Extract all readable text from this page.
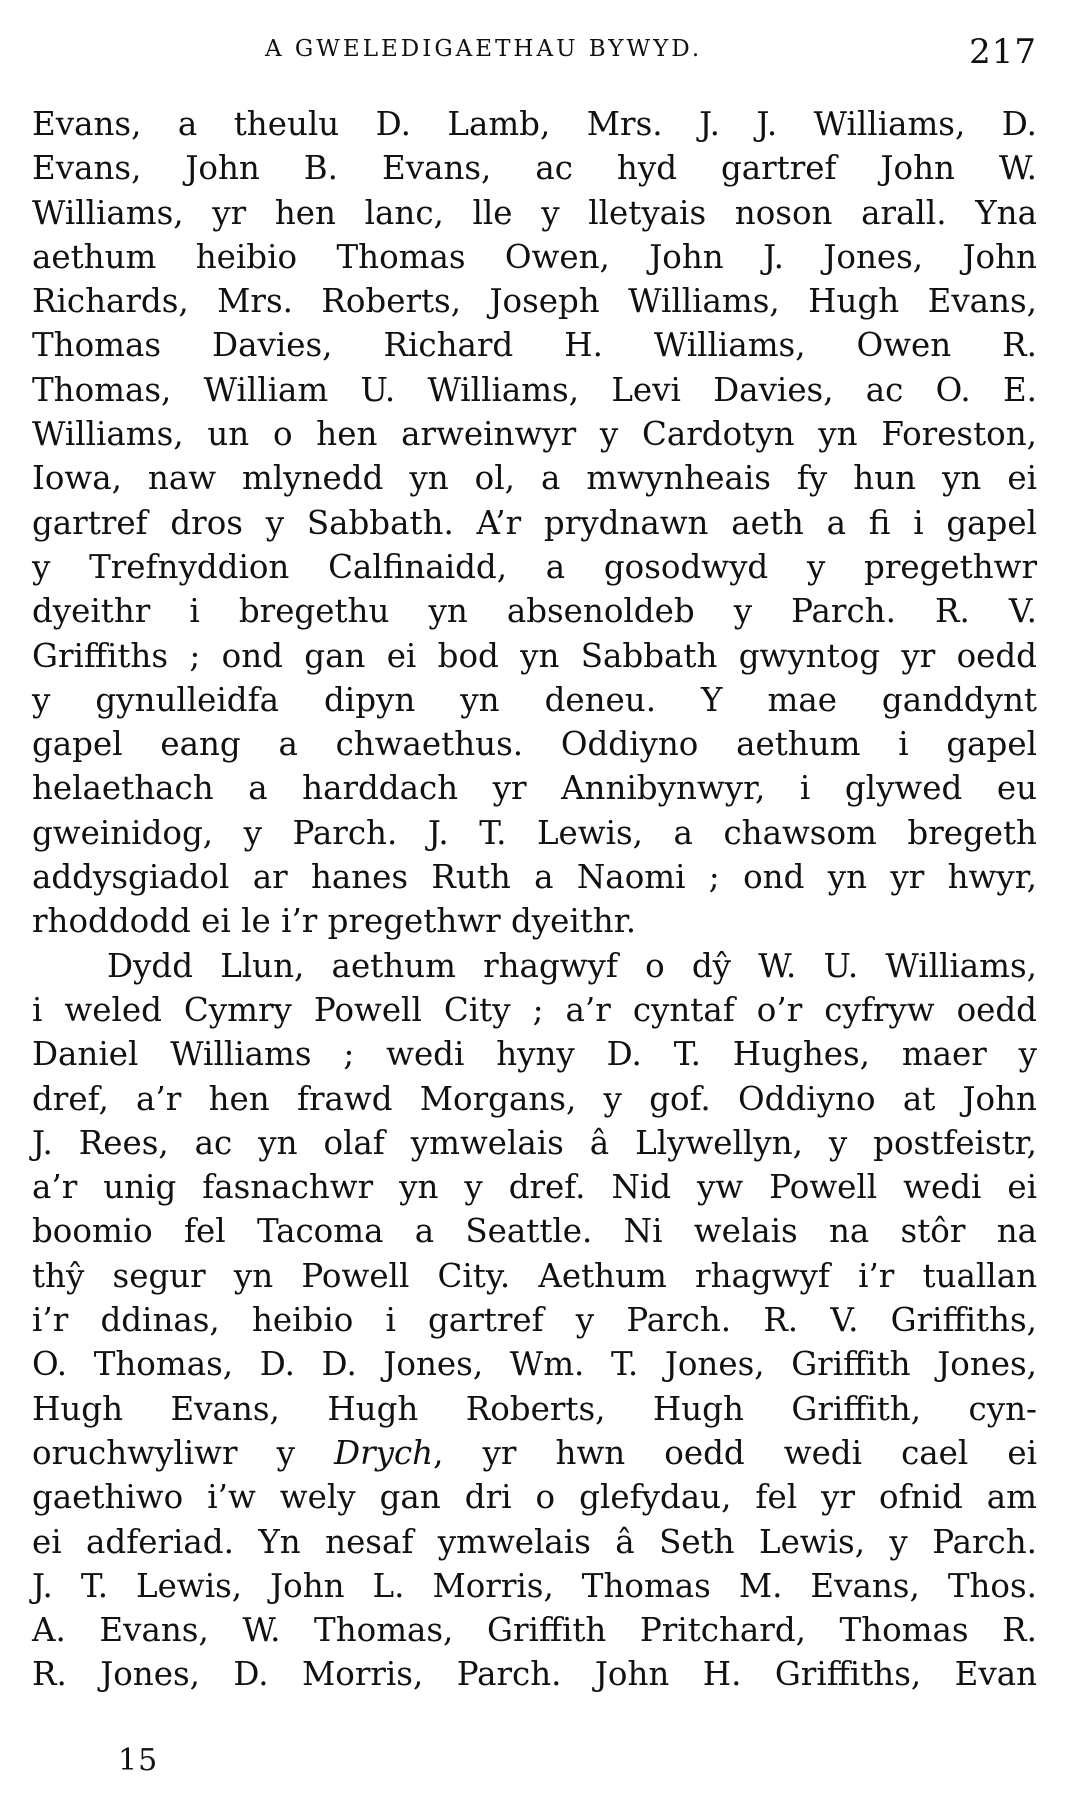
A GWELEDIGAETHAU BYWYD.	217
Evans, a theulu D. Lamb, Mrs. J. J. Williams, D.
Evans, John B. Evans, ac hyd gartref John W.
Williams, yr hen lanc, lle y lletyais noson arall. Yna
aethum heibio Thomas Owen, John J. Jones, John
Richards, Mrs. Roberts, Joseph Williams, Hugh Evans,
Thomas Davies, Richard H. Williams, Owen R.
Thomas, William U. Williams, Levi Davies, ac O. E.
Williams, un o hen arweinwyr y Cardotyn yn Foreston,
Iowa, naw mlynedd yn ol, a mwynheais fy hun yn ei
gartref dros y Sabbath. A’r prydnawn aeth a fi i gapel
y Trefnyddion Calfinaidd, a gosodwyd y pregethwr
dyeithr i bregethu yn absenoldeb y Parch. R. V.
Griffiths ; ond gan ei bod yn Sabbath gwyntog yr oedd
y gynulleidfa dipyn yn deneu. Y mae ganddynt
gapel eang a chwaethus. Oddiyno aethum i gapel
helaethach a harddach yr Annibynwyr, i glywed eu
gweinidog, y Parch. J. T. Lewis, a chawsom bregeth
addysgiadol ar hanes Ruth a Naomi ; ond yn yr hwyr,
rhoddodd ei le i’r pregethwr dyeithr.
Dydd Llun, aethum rhagwyf o dŷ W. U. Williams,
i weled Cymry Powell City ; a’r cyntaf o’r cyfryw oedd
Daniel Williams ; wedi hyny D. T. Hughes, maer y
dref, a’r hen frawd Morgans, y gof. Oddiyno at John
J. Rees, ac yn olaf ymwelais â Llywellyn, y postfeistr,
a’r unig fasnachwr yn y dref. Nid yw Powell wedi ei
boomio fel Tacoma a Seattle. Ni welais na stôr na
thŷ segur yn Powell City. Aethum rhagwyf i’r tuallan
i’r ddinas, heibio i gartref y Parch. R. V. Griffiths,
O. Thomas, D. D. Jones, Wm. T. Jones, Griffith Jones,
Hugh Evans, Hugh Roberts, Hugh Griffith, cyn-
oruchwyliwr y Drych, yr hwn oedd wedi cael ei
gaethiwo i’w wely gan dri o glefydau, fel yr ofnid am
ei adferiad. Yn nesaf ymwelais â Seth Lewis, y Parch.
J. T. Lewis, John L. Morris, Thomas M. Evans, Thos.
A. Evans, W. Thomas, Griffith Pritchard, Thomas R.
R. Jones, D. Morris, Parch. John H. Griffiths, Evan
15
